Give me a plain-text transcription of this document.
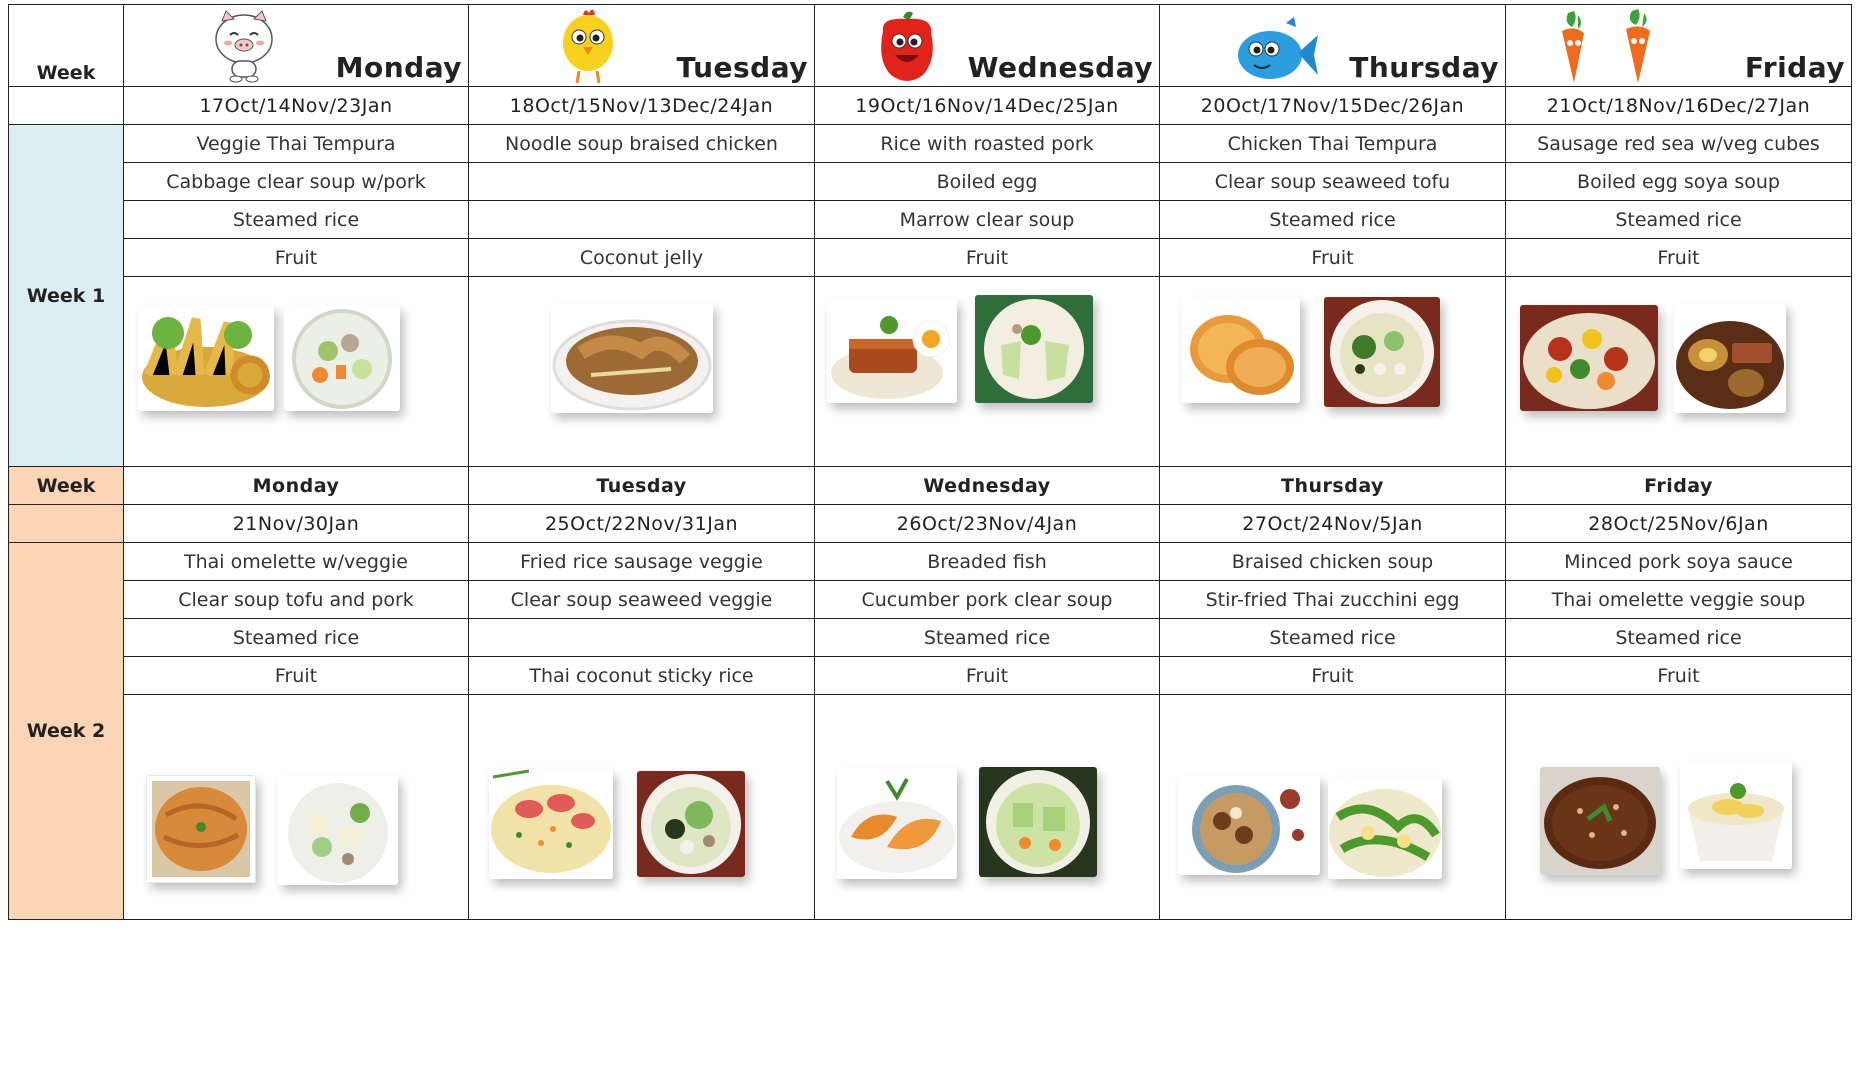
Week	Monday	Tuesday	Wednesday	Thursday	Friday

	17Oct/14Nov/23Jan	18Oct/15Nov/13Dec/24Jan	19Oct/16Nov/14Dec/25Jan	20Oct/17Nov/15Dec/26Jan	21Oct/18Nov/16Dec/27Jan
Week 1	Veggie Thai Tempura	Noodle soup braised chicken	Rice with roasted pork	Chicken Thai Tempura	Sausage red sea w/veg cubes
	Cabbage clear soup w/pork		Boiled egg	Clear soup seaweed tofu	Boiled egg soya soup
	Steamed rice		Marrow clear soup	Steamed rice	Steamed rice
	Fruit	Coconut jelly	Fruit	Fruit	Fruit

Week	Monday	Tuesday	Wednesday	Thursday	Friday
	21Nov/30Jan	25Oct/22Nov/31Jan	26Oct/23Nov/4Jan	27Oct/24Nov/5Jan	28Oct/25Nov/6Jan
Week 2	Thai omelette w/veggie	Fried rice sausage veggie	Breaded fish	Braised chicken soup	Minced pork soya sauce
	Clear soup tofu and pork	Clear soup seaweed veggie	Cucumber pork clear soup	Stir-fried Thai zucchini egg	Thai omelette veggie soup
	Steamed rice		Steamed rice	Steamed rice	Steamed rice
	Fruit	Thai coconut sticky rice	Fruit	Fruit	Fruit
